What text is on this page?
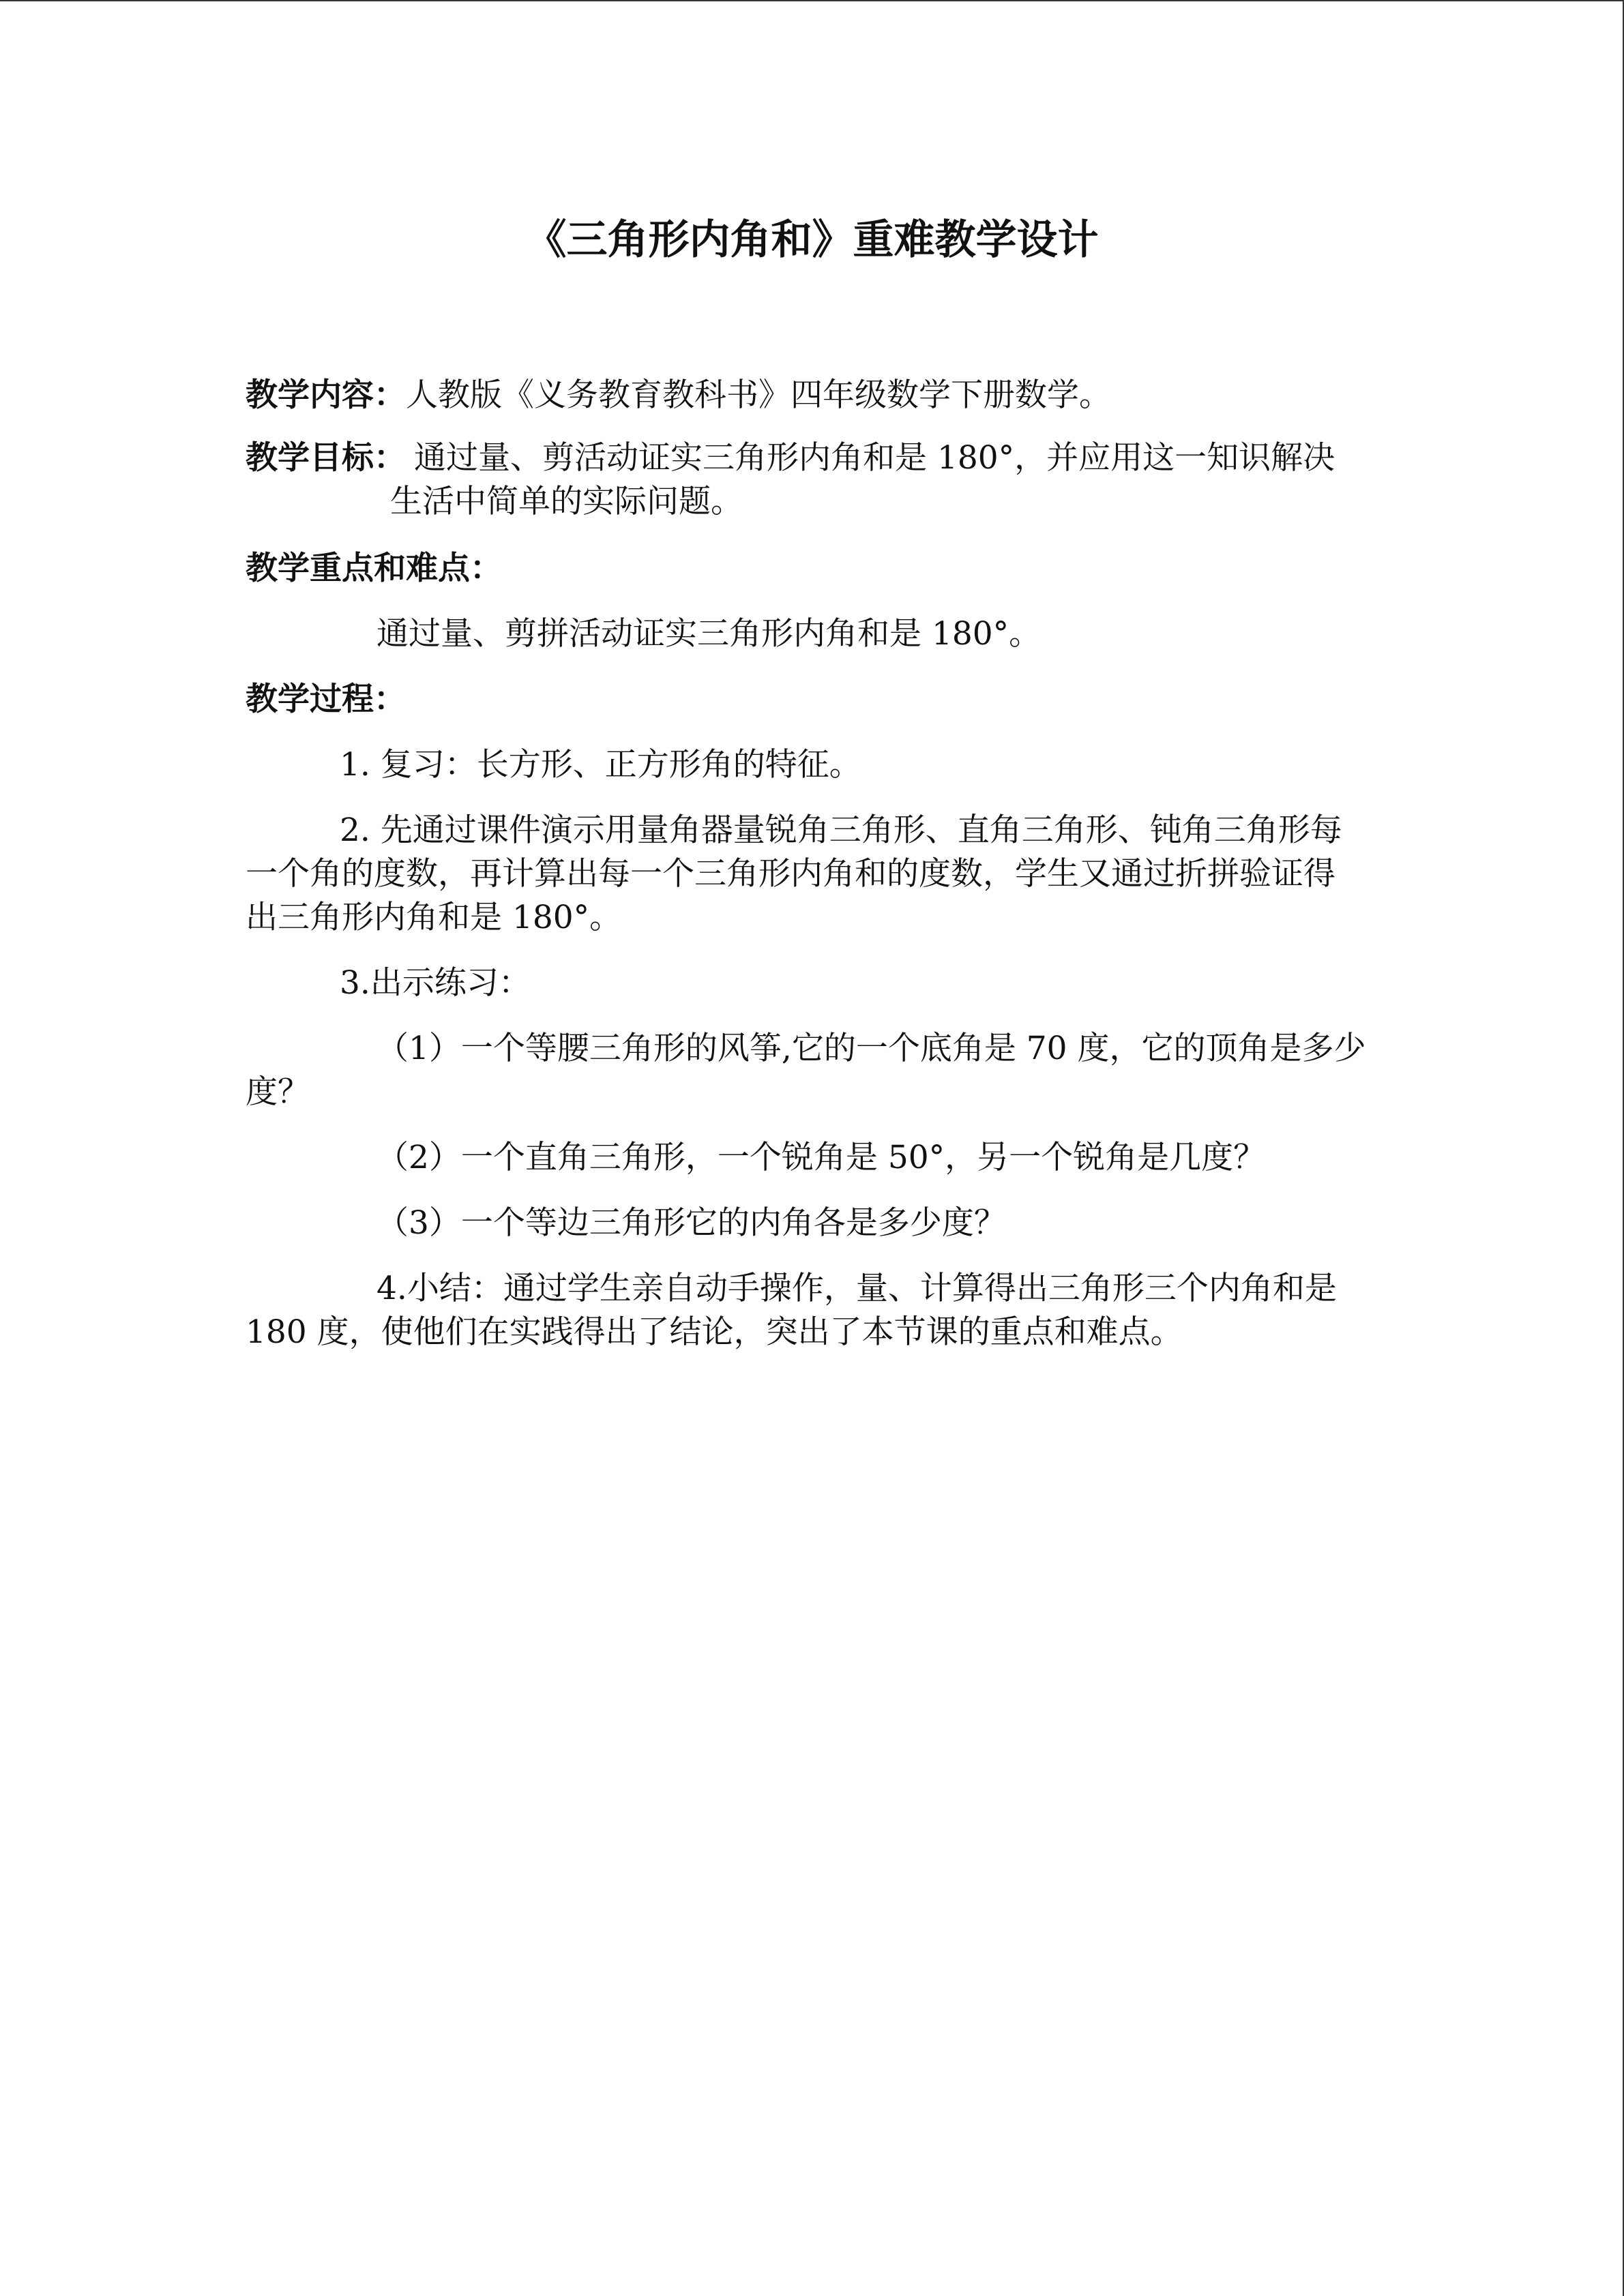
《三角形内角和》重难教学设计
教学内容：人教版《义务教育教科书》四年级数学下册数学。
教学目标： 通过量、剪活动证实三角形内角和是 180°，并应用这一知识解决
生活中简单的实际问题。
教学重点和难点：
通过量、剪拼活动证实三角形内角和是 180°。
教学过程：
1. 复习：长方形、正方形角的特征。
2. 先通过课件演示用量角器量锐角三角形、直角三角形、钝角三角形每
一个角的度数，再计算出每一个三角形内角和的度数，学生又通过折拼验证得
出三角形内角和是 180°。
3.出示练习：
（1）一个等腰三角形的风筝,它的一个底角是 70 度，它的顶角是多少
度？
（2）一个直角三角形，一个锐角是 50°，另一个锐角是几度？
（3）一个等边三角形它的内角各是多少度？
4.小结：通过学生亲自动手操作，量、计算得出三角形三个内角和是
180 度，使他们在实践得出了结论，突出了本节课的重点和难点。
